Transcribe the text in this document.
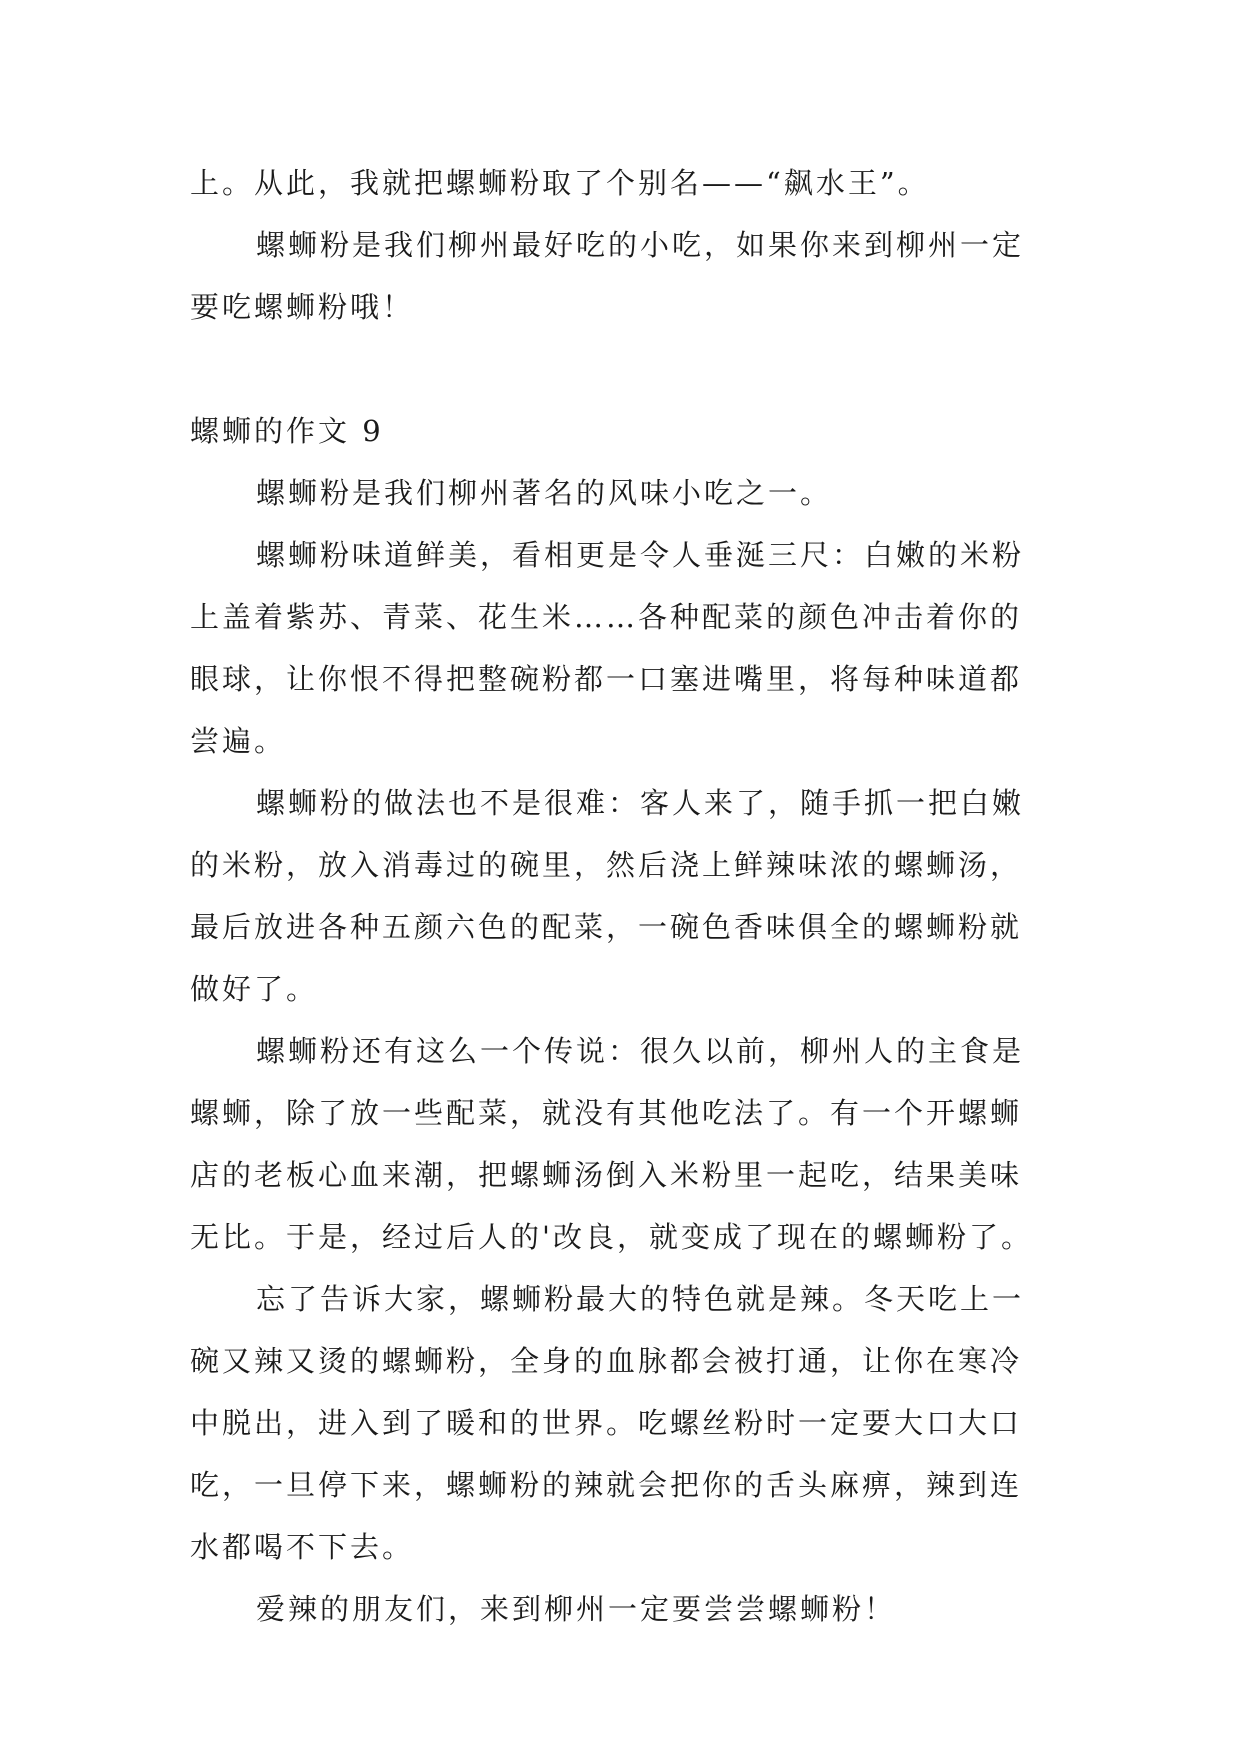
上。从此，我就把螺蛳粉取了个别名——“飙水王”。
螺蛳粉是我们柳州最好吃的小吃，如果你来到柳州一定
要吃螺蛳粉哦！
螺蛳的作文 9
螺蛳粉是我们柳州著名的风味小吃之一。
螺蛳粉味道鲜美，看相更是令人垂涎三尺：白嫩的米粉
上盖着紫苏、青菜、花生米……各种配菜的颜色冲击着你的
眼球，让你恨不得把整碗粉都一口塞进嘴里，将每种味道都
尝遍。
螺蛳粉的做法也不是很难：客人来了，随手抓一把白嫩
的米粉，放入消毒过的碗里，然后浇上鲜辣味浓的螺蛳汤，
最后放进各种五颜六色的配菜，一碗色香味俱全的螺蛳粉就
做好了。
螺蛳粉还有这么一个传说：很久以前，柳州人的主食是
螺蛳，除了放一些配菜，就没有其他吃法了。有一个开螺蛳
店的老板心血来潮，把螺蛳汤倒入米粉里一起吃，结果美味
无比。于是，经过后人的'改良，就变成了现在的螺蛳粉了。
忘了告诉大家，螺蛳粉最大的特色就是辣。冬天吃上一
碗又辣又烫的螺蛳粉，全身的血脉都会被打通，让你在寒冷
中脱出，进入到了暖和的世界。吃螺丝粉时一定要大口大口
吃，一旦停下来，螺蛳粉的辣就会把你的舌头麻痹，辣到连
水都喝不下去。
爱辣的朋友们，来到柳州一定要尝尝螺蛳粉！
